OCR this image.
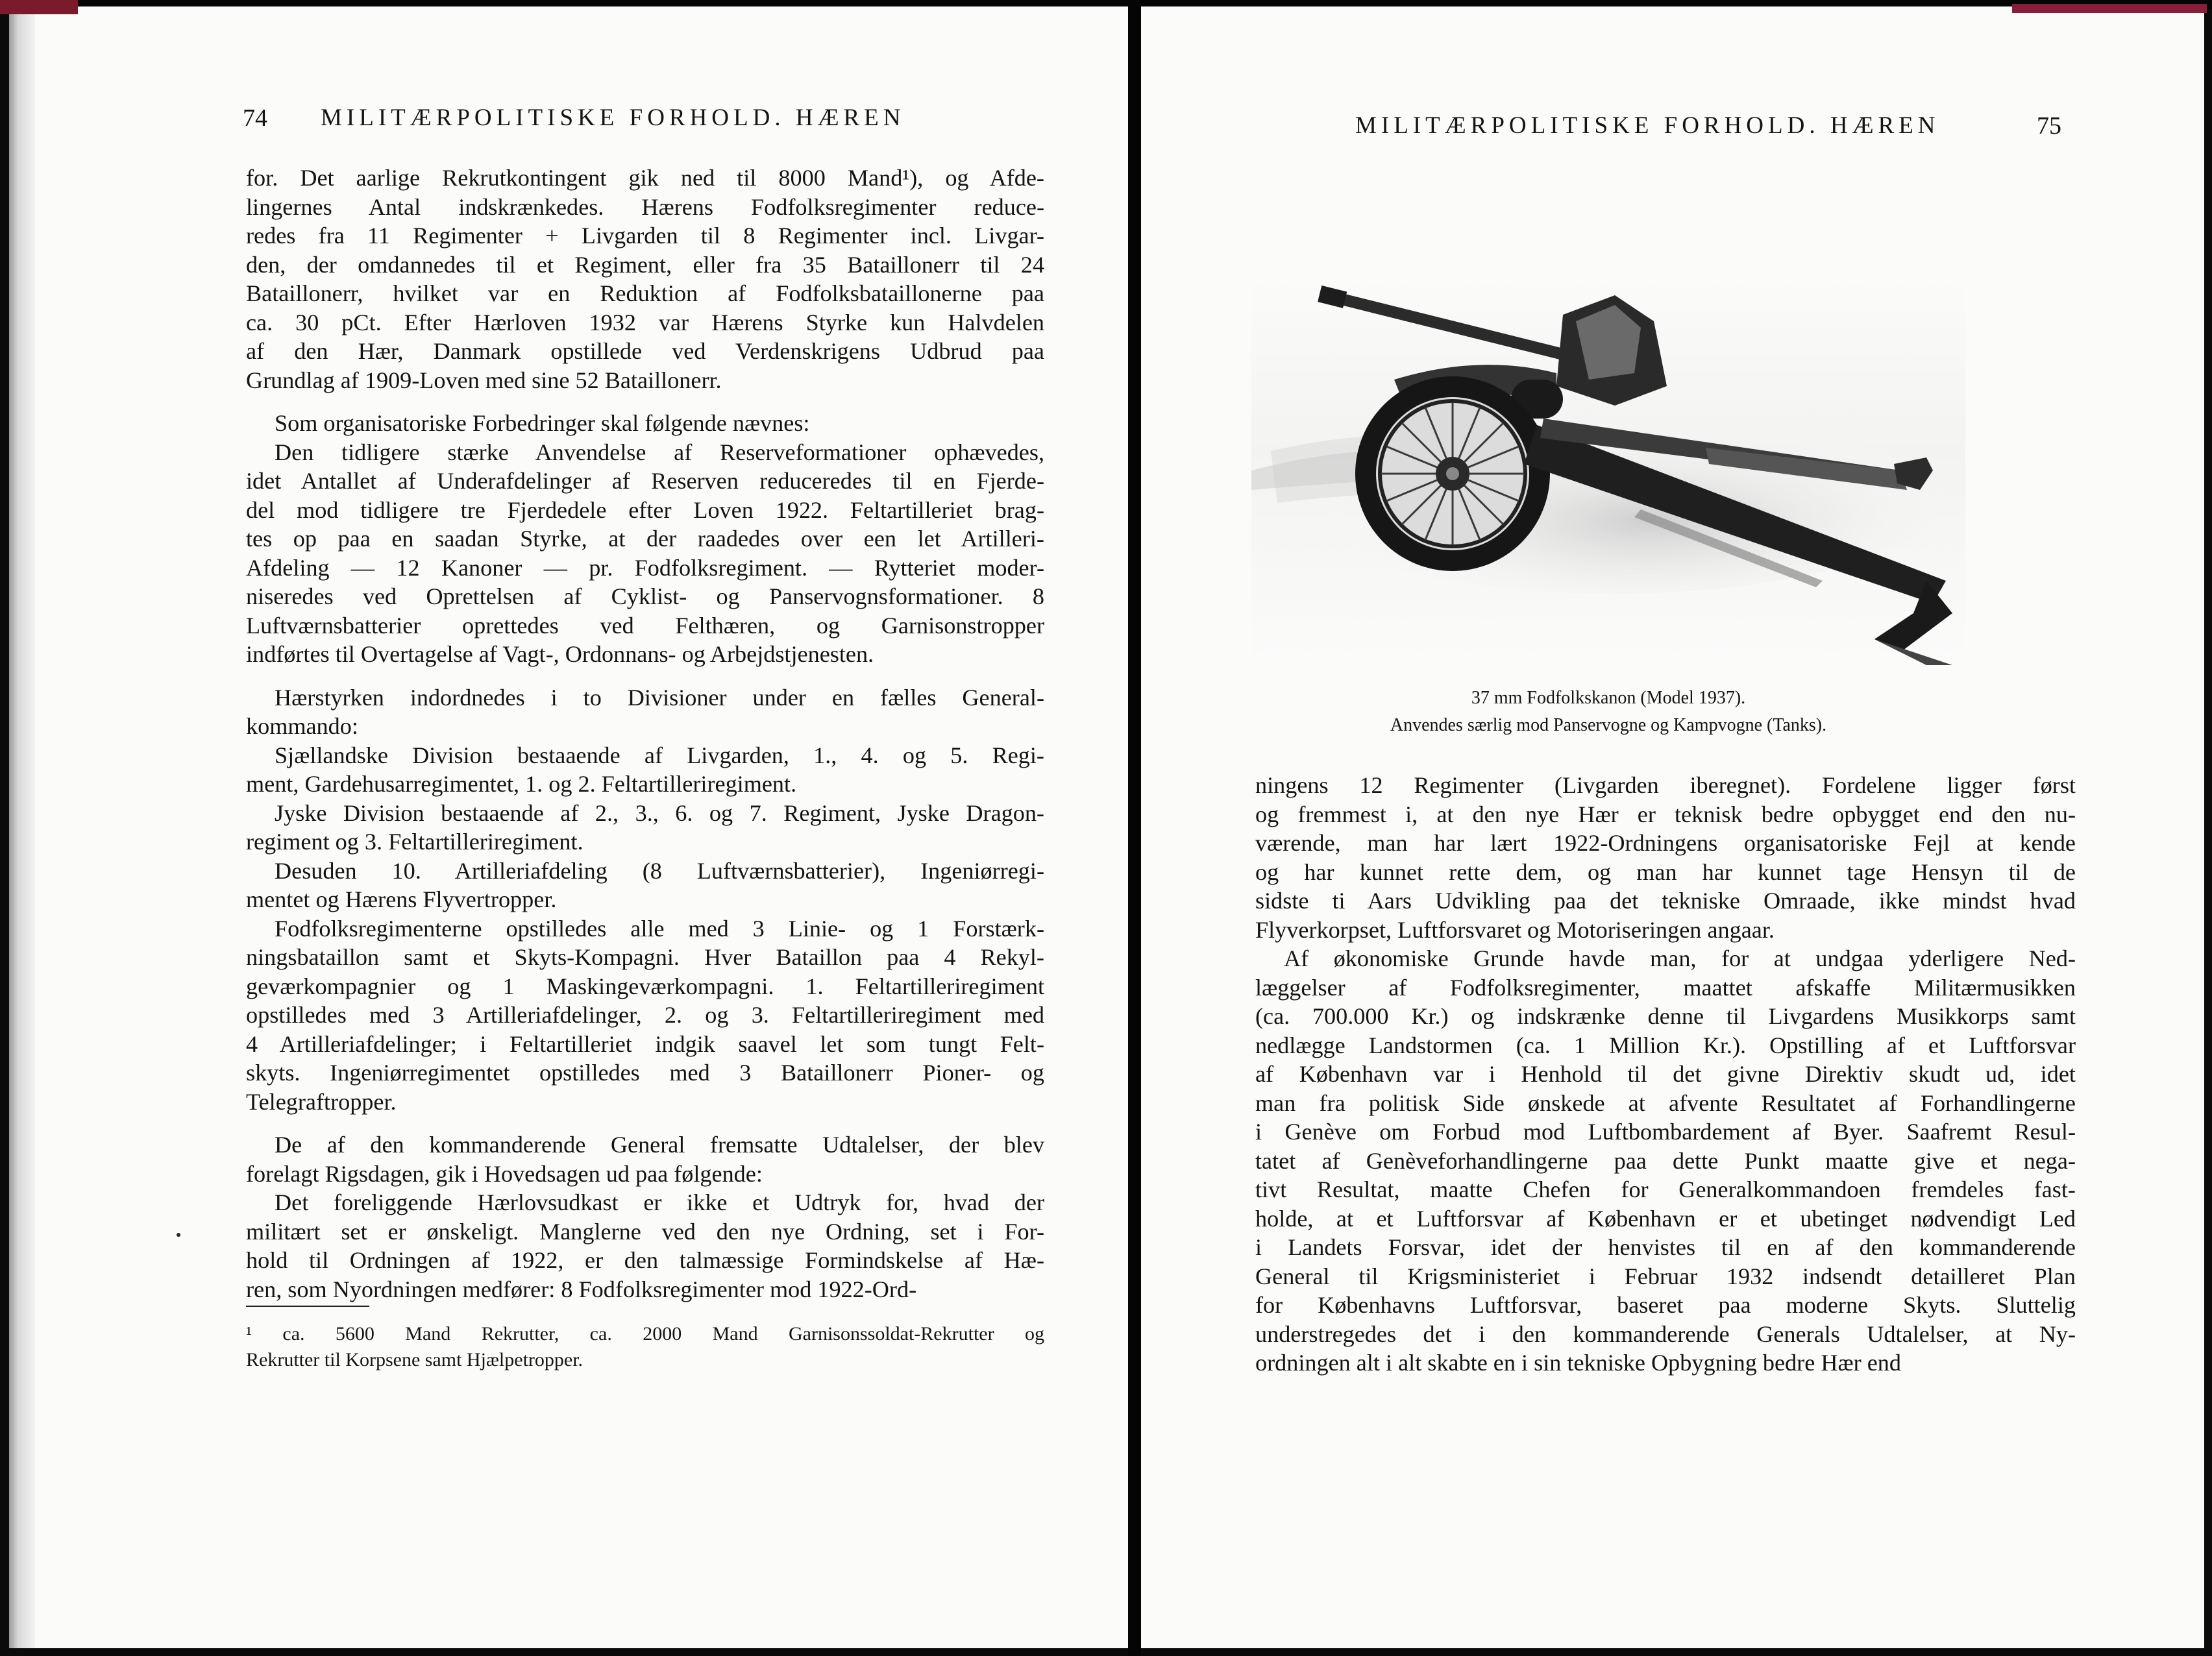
74 MILITÆRPOLITISKE FORHOLD. HÆREN

for. Det aarlige Rekrutkontingent gik ned til 8000 Mand¹), og Afde-

lingernes Antal indskrænkedes. Hærens Fodfolksregimenter reduce-

redes fra 11 Regimenter + Livgarden til 8 Regimenter incl. Livgar-

den, der omdannedes til et Regiment, eller fra 35 Bataillonerr til 24

Bataillonerr, hvilket var en Reduktion af Fodfolksbataillonerne paa

ca. 30 pCt. Efter Hærloven 1932 var Hærens Styrke kun Halvdelen

af den Hær, Danmark opstillede ved Verdenskrigens Udbrud paa

Grundlag af 1909-Loven med sine 52 Bataillonerr.

Som organisatoriske Forbedringer skal følgende nævnes:

Den tidligere stærke Anvendelse af Reserveformationer ophævedes,

idet Antallet af Underafdelinger af Reserven reduceredes til en Fjerde-

del mod tidligere tre Fjerdedele efter Loven 1922. Feltartilleriet brag-

tes op paa en saadan Styrke, at der raadedes over een let Artilleri-

Afdeling — 12 Kanoner — pr. Fodfolksregiment. — Rytteriet moder-

niseredes ved Oprettelsen af Cyklist- og Panservognsformationer. 8

Luftværnsbatterier oprettedes ved Felthæren, og Garnisonstropper

indførtes til Overtagelse af Vagt-, Ordonnans- og Arbejdstjenesten.

Hærstyrken indordnedes i to Divisioner under en fælles General-

kommando:

Sjællandske Division bestaaende af Livgarden, 1., 4. og 5. Regi-

ment, Gardehusarregimentet, 1. og 2. Feltartilleriregiment.

Jyske Division bestaaende af 2., 3., 6. og 7. Regiment, Jyske Dragon-

regiment og 3. Feltartilleriregiment.

Desuden 10. Artilleriafdeling (8 Luftværnsbatterier), Ingeniørregi-

mentet og Hærens Flyvertropper.

Fodfolksregimenterne opstilledes alle med 3 Linie- og 1 Forstærk-

ningsbataillon samt et Skyts-Kompagni. Hver Bataillon paa 4 Rekyl-

geværkompagnier og 1 Maskingeværkompagni. 1. Feltartilleriregiment

opstilledes med 3 Artilleriafdelinger, 2. og 3. Feltartilleriregiment med

4 Artilleriafdelinger; i Feltartilleriet indgik saavel let som tungt Felt-

skyts. Ingeniørregimentet opstilledes med 3 Bataillonerr Pioner- og

Telegraftropper.

De af den kommanderende General fremsatte Udtalelser, der blev

forelagt Rigsdagen, gik i Hovedsagen ud paa følgende:

Det foreliggende Hærlovsudkast er ikke et Udtryk for, hvad der

militært set er ønskeligt. Manglerne ved den nye Ordning, set i For-

hold til Ordningen af 1922, er den talmæssige Formindskelse af Hæ-

ren, som Nyordningen medfører: 8 Fodfolksregimenter mod 1922-Ord-

¹ ca. 5600 Mand Rekrutter, ca. 2000 Mand Garnisonssoldat-Rekrutter og

Rekrutter til Korpsene samt Hjælpetropper.

MILITÆRPOLITISKE FORHOLD. HÆREN	75
37 mm Fodfolkskanon (Model 1937).
Anvendes særlig mod Panservogne og Kampvogne (Tanks).

ningens 12 Regimenter (Livgarden iberegnet). Fordelene ligger først

og fremmest i, at den nye Hær er teknisk bedre opbygget end den nu-

værende, man har lært 1922-Ordningens organisatoriske Fejl at kende

og har kunnet rette dem, og man har kunnet tage Hensyn til de

sidste ti Aars Udvikling paa det tekniske Omraade, ikke mindst hvad

Flyverkorpset, Luftforsvaret og Motoriseringen angaar.

Af økonomiske Grunde havde man, for at undgaa yderligere Ned-

læggelser af Fodfolksregimenter, maattet afskaffe Militærmusikken

(ca. 700.000 Kr.) og indskrænke denne til Livgardens Musikkorps samt

nedlægge Landstormen (ca. 1 Million Kr.). Opstilling af et Luftforsvar

af København var i Henhold til det givne Direktiv skudt ud, idet

man fra politisk Side ønskede at afvente Resultatet af Forhandlingerne

i Genève om Forbud mod Luftbombardement af Byer. Saafremt Resul-

tatet af Genèveforhandlingerne paa dette Punkt maatte give et nega-

tivt Resultat, maatte Chefen for Generalkommandoen fremdeles fast-

holde, at et Luftforsvar af København er et ubetinget nødvendigt Led

i Landets Forsvar, idet der henvistes til en af den kommanderende

General til Krigsministeriet i Februar 1932 indsendt detailleret Plan

for Københavns Luftforsvar, baseret paa moderne Skyts. Sluttelig

understregedes det i den kommanderende Generals Udtalelser, at Ny-

ordningen alt i alt skabte en i sin tekniske Opbygning bedre Hær end
